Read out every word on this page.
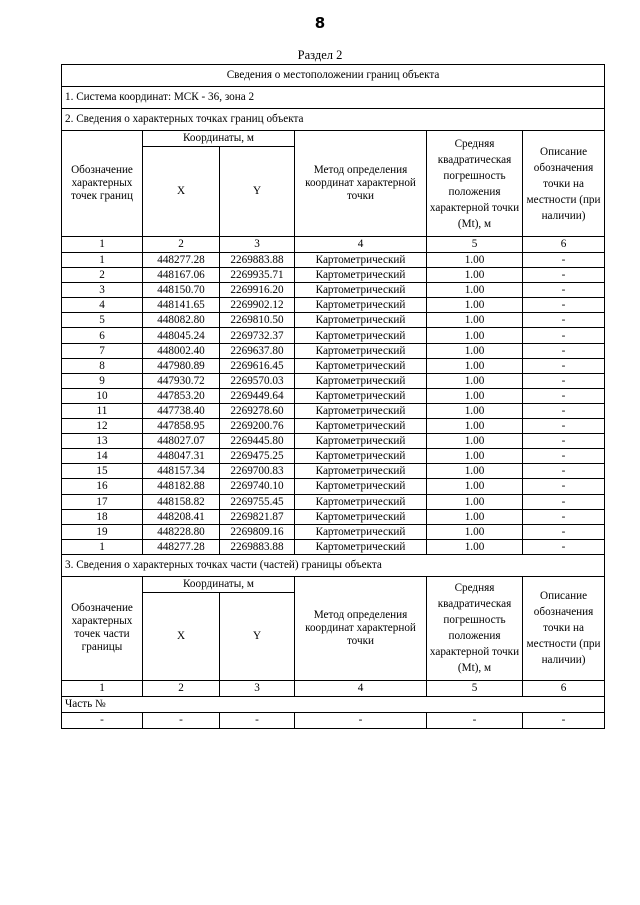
8
Раздел 2
Сведения о местоположении границ объекта					
1. Система координат: МСК - 36, зона 2					
2. Сведения о характерных точках границ объекта					
Обозначение характерных точек границ	Координаты, м		Метод определения координат характерной точки	Средняя квадратическая погрешность положения характерной точки (Mt), м	Описание обозначения точки на местности (при наличии)
	X	Y			
1	2	3	4	5	6
1	448277.28	2269883.88	Картометрический	1.00	-
2	448167.06	2269935.71	Картометрический	1.00	-
3	448150.70	2269916.20	Картометрический	1.00	-
4	448141.65	2269902.12	Картометрический	1.00	-
5	448082.80	2269810.50	Картометрический	1.00	-
6	448045.24	2269732.37	Картометрический	1.00	-
7	448002.40	2269637.80	Картометрический	1.00	-
8	447980.89	2269616.45	Картометрический	1.00	-
9	447930.72	2269570.03	Картометрический	1.00	-
10	447853.20	2269449.64	Картометрический	1.00	-
11	447738.40	2269278.60	Картометрический	1.00	-
12	447858.95	2269200.76	Картометрический	1.00	-
13	448027.07	2269445.80	Картометрический	1.00	-
14	448047.31	2269475.25	Картометрический	1.00	-
15	448157.34	2269700.83	Картометрический	1.00	-
16	448182.88	2269740.10	Картометрический	1.00	-
17	448158.82	2269755.45	Картометрический	1.00	-
18	448208.41	2269821.87	Картометрический	1.00	-
19	448228.80	2269809.16	Картометрический	1.00	-
1	448277.28	2269883.88	Картометрический	1.00	-
3. Сведения о характерных точках части (частей) границы объекта					
Обозначение характерных точек части границы	Координаты, м		Метод определения координат характерной точки	Средняя квадратическая погрешность положения характерной точки (Mt), м	Описание обозначения точки на местности (при наличии)
	X	Y			
1	2	3	4	5	6
Часть №					
-	-	-	-	-	-
